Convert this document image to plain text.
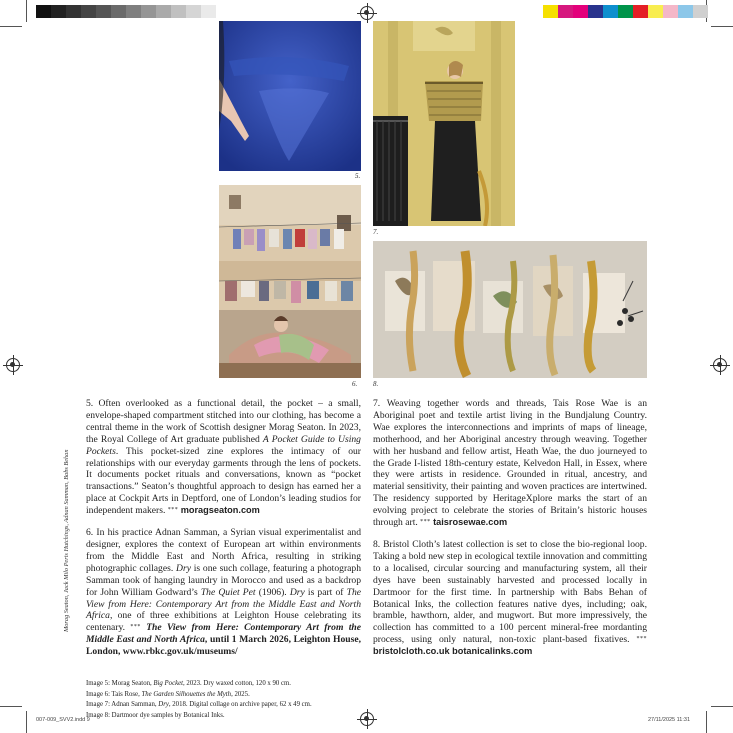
5.
7.
6. 8.
Morag Seaton, Jack Milo Peris Hutchings, Adnan Samman, Babs Behan

5. Often overlooked as a functional detail, the pocket – a small, envelope-shaped compartment stitched into our clothing, has become a central theme in the work of Scottish designer Morag Seaton. In 2023, the Royal College of Art graduate published A Pocket Guide to Using Pockets. This pocket-sized zine explores the intimacy of our relationships with our everyday garments through the lens of pockets. It documents pocket rituals and conversations, known as “pocket transactions.” Seaton’s thoughtful approach to design has earned her a place at Cockpit Arts in Deptford, one of London’s leading studios for independent makers. *** moragseaton.com

6. In his practice Adnan Samman, a Syrian visual experimentalist and designer, explores the context of European art within environments from the Middle East and North Africa, resulting in striking photographic collages. Dry is one such collage, featuring a photograph Samman took of hanging laundry in Morocco and used as a backdrop for John William Godward’s The Quiet Pet (1906). Dry is part of The View from Here: Contemporary Art from the Middle East and North Africa, one of three exhibitions at Leighton House celebrating its centenary. *** The View from Here: Contemporary Art from the Middle East and North Africa, until 1 March 2026, Leighton House, London, www.rbkc.gov.uk/museums/

7. Weaving together words and threads, Tais Rose Wae is an Aboriginal poet and textile artist living in the Bundjalung Country. Wae explores the interconnections and imprints of maps of lineage, motherhood, and her Aboriginal ancestry through weaving. Together with her husband and fellow artist, Heath Wae, the duo journeyed to the Grade I-listed 18th-century estate, Kelvedon Hall, in Essex, where they were artists in residence. Grounded in ritual, ancestry, and material sensitivity, their painting and woven practices are intertwined. The residency supported by HeritageXplore marks the start of an evolving project to celebrate the stories of Britain’s historic houses through art. *** taisrosewae.com

8. Bristol Cloth’s latest collection is set to close the bio-regional loop. Taking a bold new step in ecological textile innovation and committing to a localised, circular sourcing and manufacturing system, all their dyes have been sustainably harvested and processed locally in Dartmoor for the first time. In partnership with Babs Behan of Botanical Inks, the collection features native dyes, including; oak, bramble, hawthorn, alder, and mugwort. But more impressively, the collection has committed to a 100 percent mineral-free mordanting process, using only natural, non-toxic plant-based fixatives. *** bristolcloth.co.uk botanicalinks.com

Image 5: Morag Seaton, Big Pocket, 2023. Dry waxed cotton, 120 x 90 cm.
Image 6: Tais Rose, The Garden Silhouettes the Myth, 2025.
Image 7: Adnan Samman, Dry, 2018. Digital collage on archive paper, 62 x 49 cm.
Image 8: Dartmoor dye samples by Botanical Inks.
007-009_SVV2.indd 9	27/11/2025 11:31
